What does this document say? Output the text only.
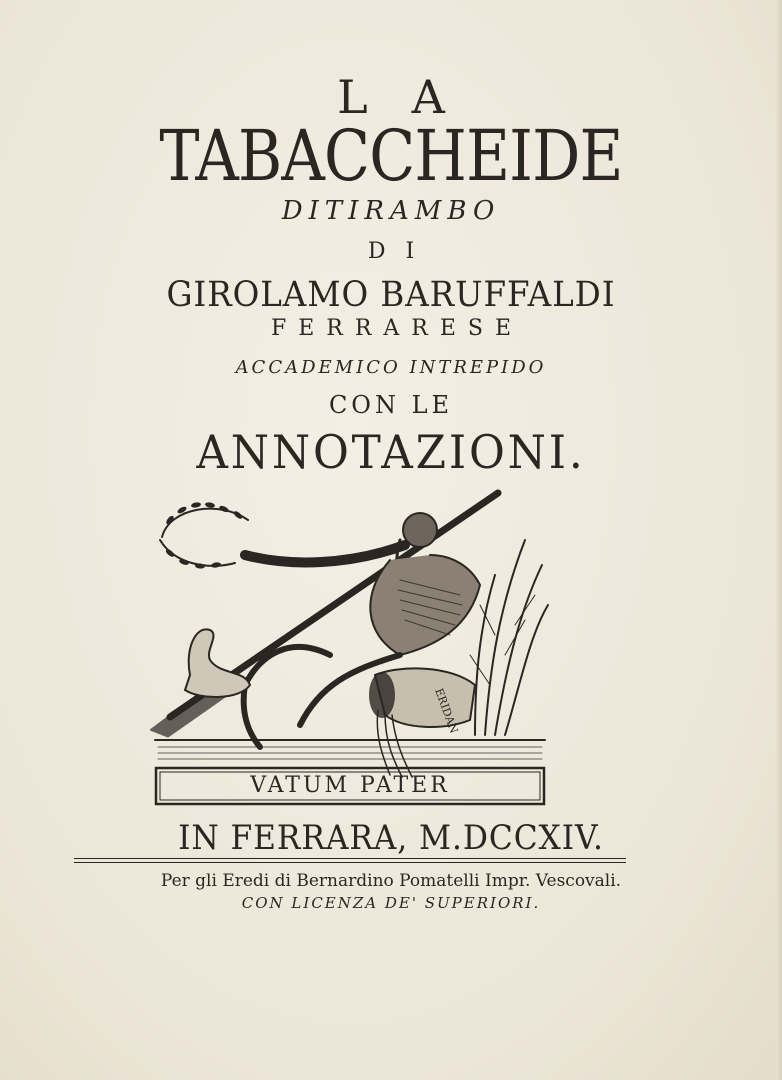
LA
TABACCHEIDE
DITIRAMBO
DI
GIROLAMO BARUFFALDI
FERRARESE
ACCADEMICO INTREPIDO
CON LE
ANNOTAZIONI.
ERIDAN
VATUM PATER
IN FERRARA, M.DCCXIV.
Per gli Eredi di Bernardino Pomatelli Impr. Vescovali.
CON LICENZA DE' SUPERIORI.
